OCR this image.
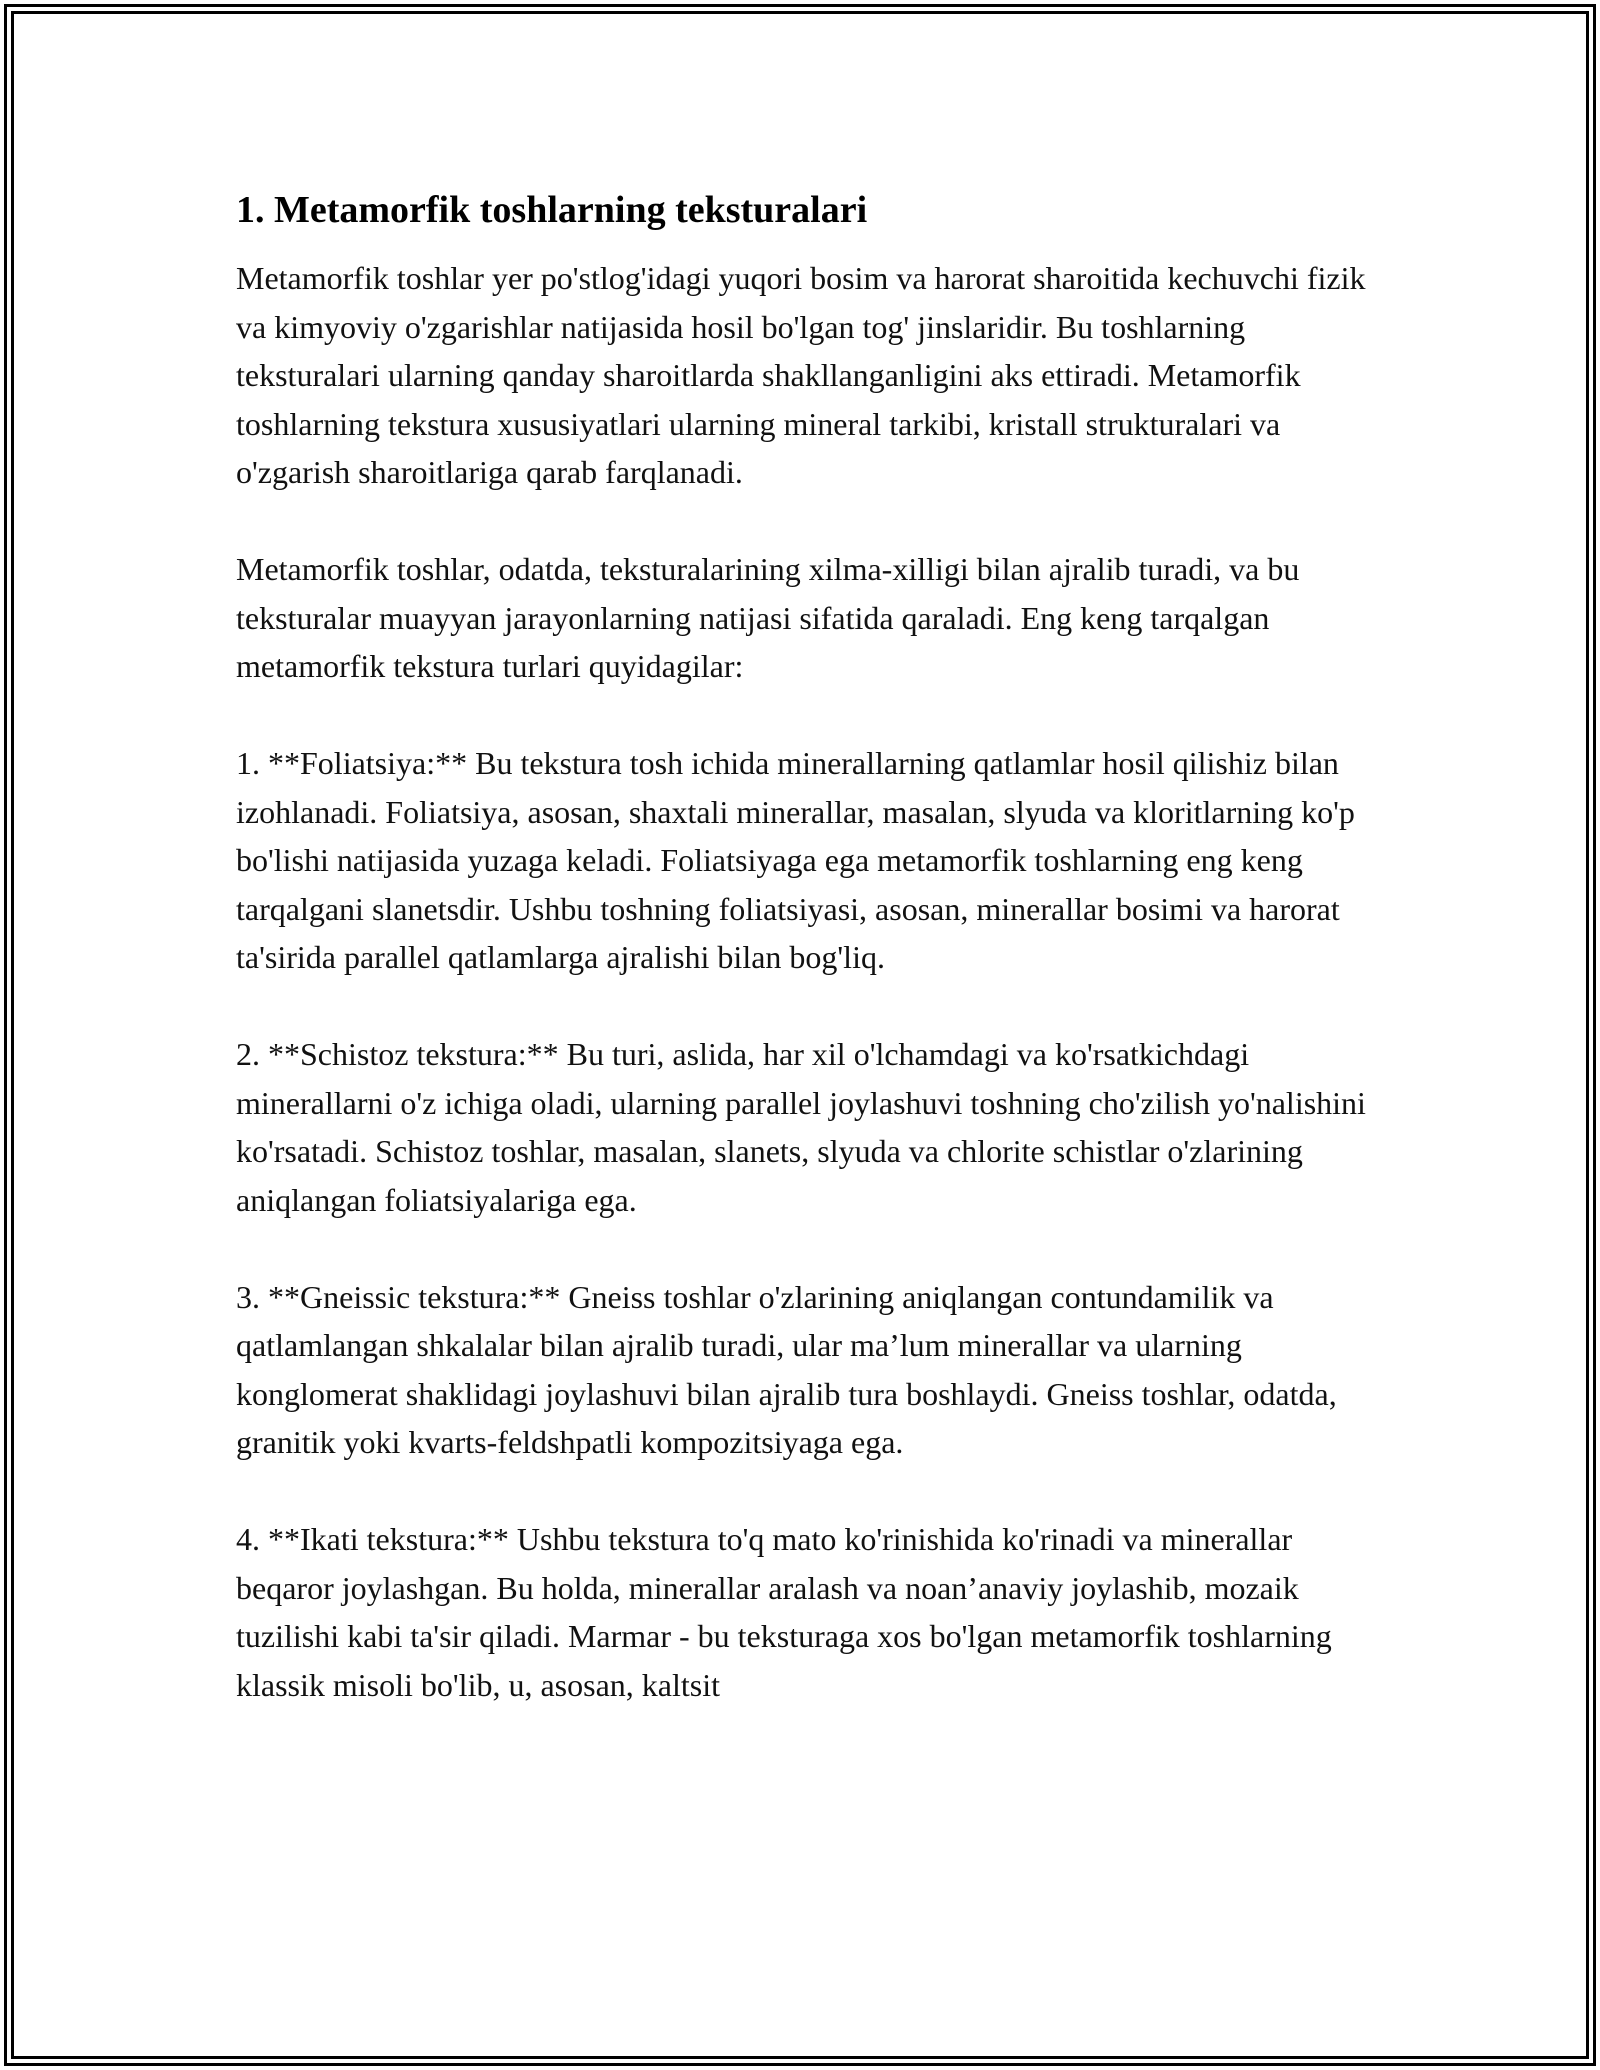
1. Metamorfik toshlarning teksturalari

Metamorfik toshlar yer po'stlog'idagi yuqori bosim va harorat sharoitida kechuvchi fizik va kimyoviy o'zgarishlar natijasida hosil bo'lgan tog' jinslaridir. Bu toshlarning teksturalari ularning qanday sharoitlarda shakllanganligini aks ettiradi. Metamorfik toshlarning tekstura xususiyatlari ularning mineral tarkibi, kristall strukturalari va o'zgarish sharoitlariga qarab farqlanadi.

Metamorfik toshlar, odatda, teksturalarining xilma-xilligi bilan ajralib turadi, va bu teksturalar muayyan jarayonlarning natijasi sifatida qaraladi. Eng keng tarqalgan metamorfik tekstura turlari quyidagilar:

1. **Foliatsiya:** Bu tekstura tosh ichida minerallarning qatlamlar hosil qilishiz bilan izohlanadi. Foliatsiya, asosan, shaxtali minerallar, masalan, slyuda va kloritlarning ko'p bo'lishi natijasida yuzaga keladi. Foliatsiyaga ega metamorfik toshlarning eng keng tarqalgani slanetsdir. Ushbu toshning foliatsiyasi, asosan, minerallar bosimi va harorat ta'sirida parallel qatlamlarga ajralishi bilan bog'liq.

2. **Schistoz tekstura:** Bu turi, aslida, har xil o'lchamdagi va ko'rsatkichdagi minerallarni o'z ichiga oladi, ularning parallel joylashuvi toshning cho'zilish yo'nalishini ko'rsatadi. Schistoz toshlar, masalan, slanets, slyuda va chlorite schistlar o'zlarining aniqlangan foliatsiyalariga ega.

3. **Gneissic tekstura:** Gneiss toshlar o'zlarining aniqlangan contundamilik va qatlamlangan shkalalar bilan ajralib turadi, ular ma’lum minerallar va ularning konglomerat shaklidagi joylashuvi bilan ajralib tura boshlaydi. Gneiss toshlar, odatda, granitik yoki kvarts-feldshpatli kompozitsiyaga ega.

4. **Ikati tekstura:** Ushbu tekstura to'q mato ko'rinishida ko'rinadi va minerallar beqaror joylashgan. Bu holda, minerallar aralash va noan’anaviy joylashib, mozaik tuzilishi kabi ta'sir qiladi. Marmar - bu teksturaga xos bo'lgan metamorfik toshlarning klassik misoli bo'lib, u, asosan, kaltsit
